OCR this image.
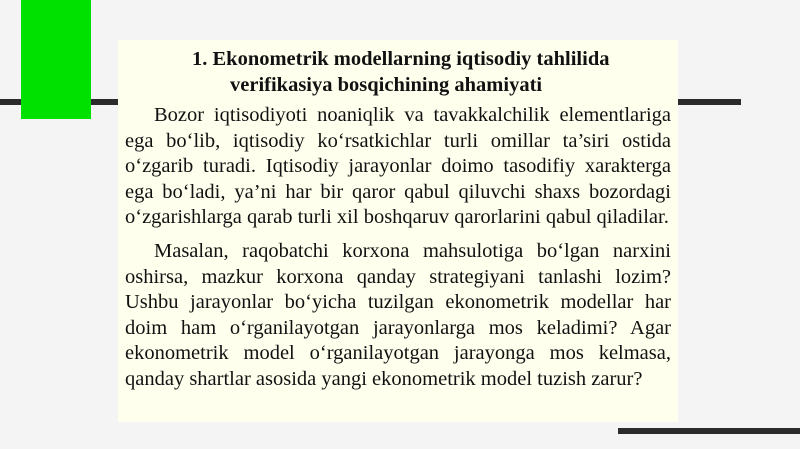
1. Ekonometrik modellarning iqtisodiy tahlilida
verifikasiya bosqichining ahamiyati

Bozor iqtisodiyoti noaniqlik va tavakkalchilik elementlariga ega bo‘lib, iqtisodiy ko‘rsatkichlar turli omillar ta’siri ostida o‘zgarib turadi. Iqtisodiy jarayonlar doimo tasodifiy xarakterga ega bo‘ladi, ya’ni har bir qaror qabul qiluvchi shaxs bozordagi o‘zgarishlarga qarab turli xil boshqaruv qarorlarini qabul qiladilar.

Masalan, raqobatchi korxona mahsulotiga bo‘lgan narxini oshirsa, mazkur korxona qanday strategiyani tanlashi lozim? Ushbu jarayonlar bo‘yicha tuzilgan ekonometrik modellar har doim ham o‘rganilayotgan jarayonlarga mos keladimi? Agar ekonometrik model o‘rganilayotgan jarayonga mos kelmasa, qanday shartlar asosida yangi ekonometrik model tuzish zarur?
